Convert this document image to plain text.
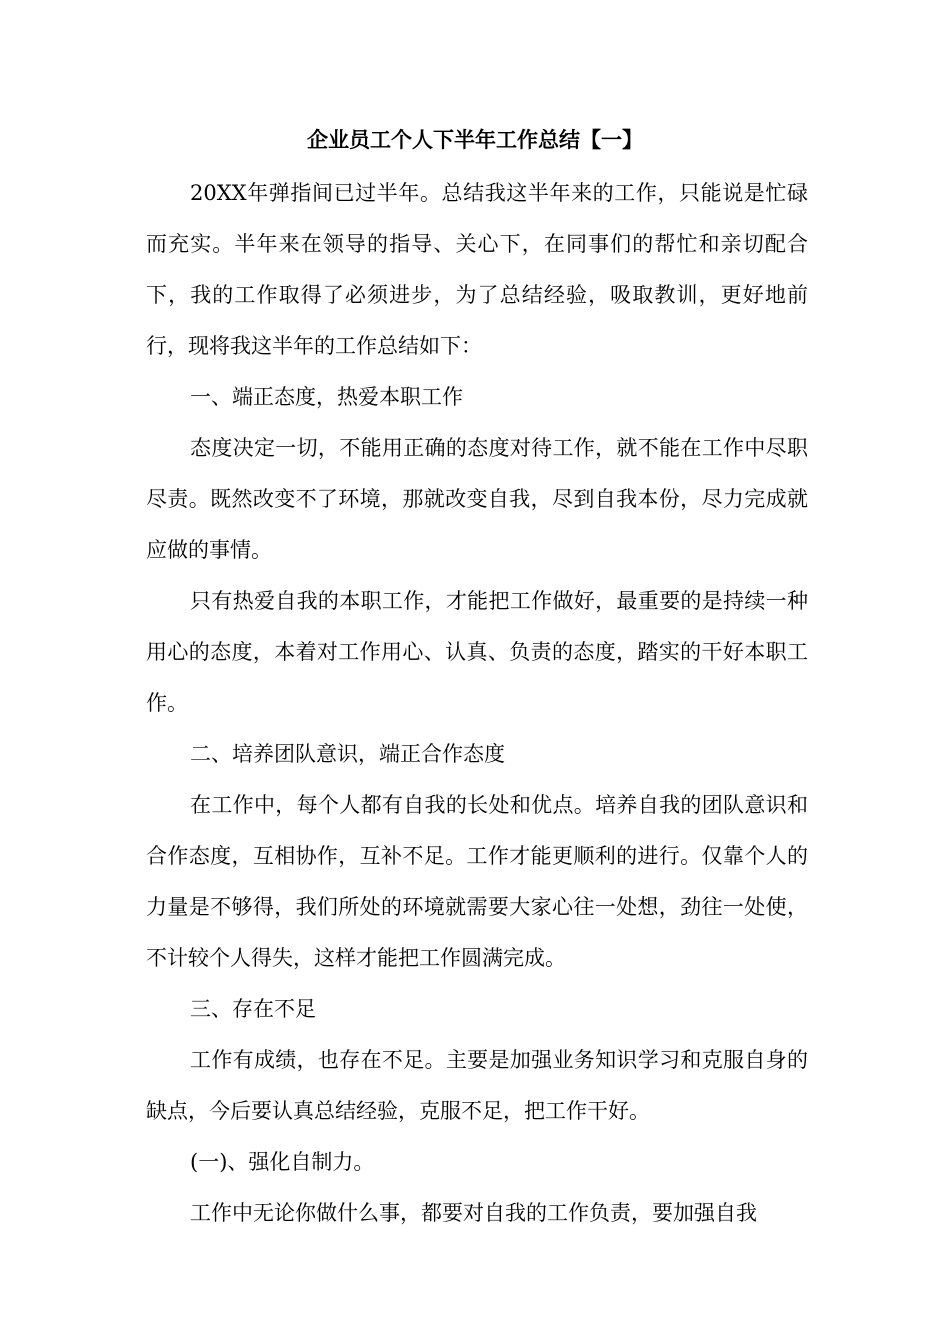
企业员工个人下半年工作总结【一】

20XX年弹指间已过半年。总结我这半年来的工作，只能说是忙碌而充实。半年来在领导的指导、关心下，在同事们的帮忙和亲切配合下，我的工作取得了必须进步，为了总结经验，吸取教训，更好地前行，现将我这半年的工作总结如下：

一、端正态度，热爱本职工作

态度决定一切，不能用正确的态度对待工作，就不能在工作中尽职尽责。既然改变不了环境，那就改变自我，尽到自我本份，尽力完成就应做的事情。

只有热爱自我的本职工作，才能把工作做好，最重要的是持续一种用心的态度，本着对工作用心、认真、负责的态度，踏实的干好本职工作。

二、培养团队意识，端正合作态度

在工作中，每个人都有自我的长处和优点。培养自我的团队意识和合作态度，互相协作，互补不足。工作才能更顺利的进行。仅靠个人的力量是不够得，我们所处的环境就需要大家心往一处想，劲往一处使，不计较个人得失，这样才能把工作圆满完成。

三、存在不足

工作有成绩，也存在不足。主要是加强业务知识学习和克服自身的缺点，今后要认真总结经验，克服不足，把工作干好。

(一)、强化自制力。

工作中无论你做什么事，都要对自我的工作负责，要加强自我
